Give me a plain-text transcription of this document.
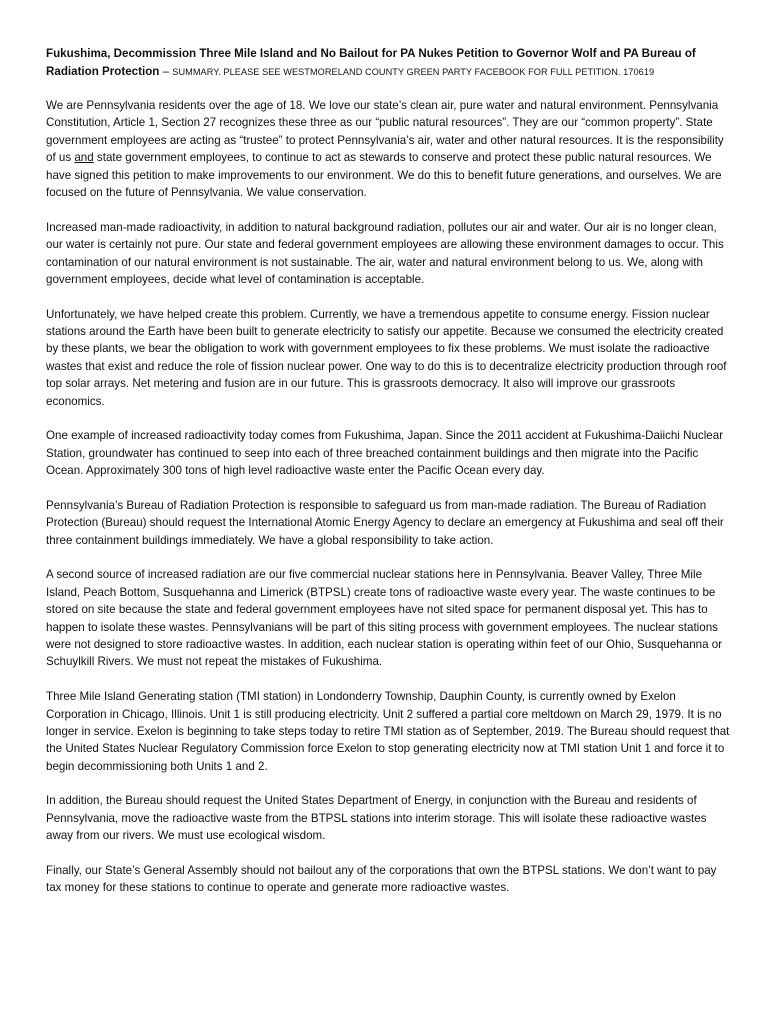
Fukushima, Decommission Three Mile Island and No Bailout for PA Nukes Petition to Governor Wolf and PA Bureau of Radiation Protection – SUMMARY. PLEASE SEE WESTMORELAND COUNTY GREEN PARTY FACEBOOK FOR FULL PETITION. 170619

We are Pennsylvania residents over the age of 18. We love our state’s clean air, pure water and natural environment. Pennsylvania Constitution, Article 1, Section 27 recognizes these three as our “public natural resources”. They are our “common property”. State government employees are acting as “trustee” to protect Pennsylvania’s air, water and other natural resources. It is the responsibility of us and state government employees, to continue to act as stewards to conserve and protect these public natural resources. We have signed this petition to make improvements to our environment. We do this to benefit future generations, and ourselves. We are focused on the future of Pennsylvania. We value conservation.

Increased man-made radioactivity, in addition to natural background radiation, pollutes our air and water. Our air is no longer clean, our water is certainly not pure. Our state and federal government employees are allowing these environment damages to occur. This contamination of our natural environment is not sustainable. The air, water and natural environment belong to us. We, along with government employees, decide what level of contamination is acceptable.

Unfortunately, we have helped create this problem. Currently, we have a tremendous appetite to consume energy. Fission nuclear stations around the Earth have been built to generate electricity to satisfy our appetite. Because we consumed the electricity created by these plants, we bear the obligation to work with government employees to fix these problems. We must isolate the radioactive wastes that exist and reduce the role of fission nuclear power. One way to do this is to decentralize electricity production through roof top solar arrays. Net metering and fusion are in our future. This is grassroots democracy. It also will improve our grassroots economics.

One example of increased radioactivity today comes from Fukushima, Japan. Since the 2011 accident at Fukushima-Daiichi Nuclear Station, groundwater has continued to seep into each of three breached containment buildings and then migrate into the Pacific Ocean. Approximately 300 tons of high level radioactive waste enter the Pacific Ocean every day.

Pennsylvania’s Bureau of Radiation Protection is responsible to safeguard us from man-made radiation. The Bureau of Radiation Protection (Bureau) should request the International Atomic Energy Agency to declare an emergency at Fukushima and seal off their three containment buildings immediately. We have a global responsibility to take action.

A second source of increased radiation are our five commercial nuclear stations here in Pennsylvania. Beaver Valley, Three Mile Island, Peach Bottom, Susquehanna and Limerick (BTPSL) create tons of radioactive waste every year. The waste continues to be stored on site because the state and federal government employees have not sited space for permanent disposal yet. This has to happen to isolate these wastes. Pennsylvanians will be part of this siting process with government employees. The nuclear stations were not designed to store radioactive wastes. In addition, each nuclear station is operating within feet of our Ohio, Susquehanna or Schuylkill Rivers. We must not repeat the mistakes of Fukushima.

Three Mile Island Generating station (TMI station) in Londonderry Township, Dauphin County, is currently owned by Exelon Corporation in Chicago, Illinois. Unit 1 is still producing electricity. Unit 2 suffered a partial core meltdown on March 29, 1979. It is no longer in service. Exelon is beginning to take steps today to retire TMI station as of September, 2019. The Bureau should request that the United States Nuclear Regulatory Commission force Exelon to stop generating electricity now at TMI station Unit 1 and force it to begin decommissioning both Units 1 and 2.

In addition, the Bureau should request the United States Department of Energy, in conjunction with the Bureau and residents of Pennsylvania, move the radioactive waste from the BTPSL stations into interim storage. This will isolate these radioactive wastes away from our rivers. We must use ecological wisdom.

Finally, our State’s General Assembly should not bailout any of the corporations that own the BTPSL stations. We don’t want to pay tax money for these stations to continue to operate and generate more radioactive wastes.
